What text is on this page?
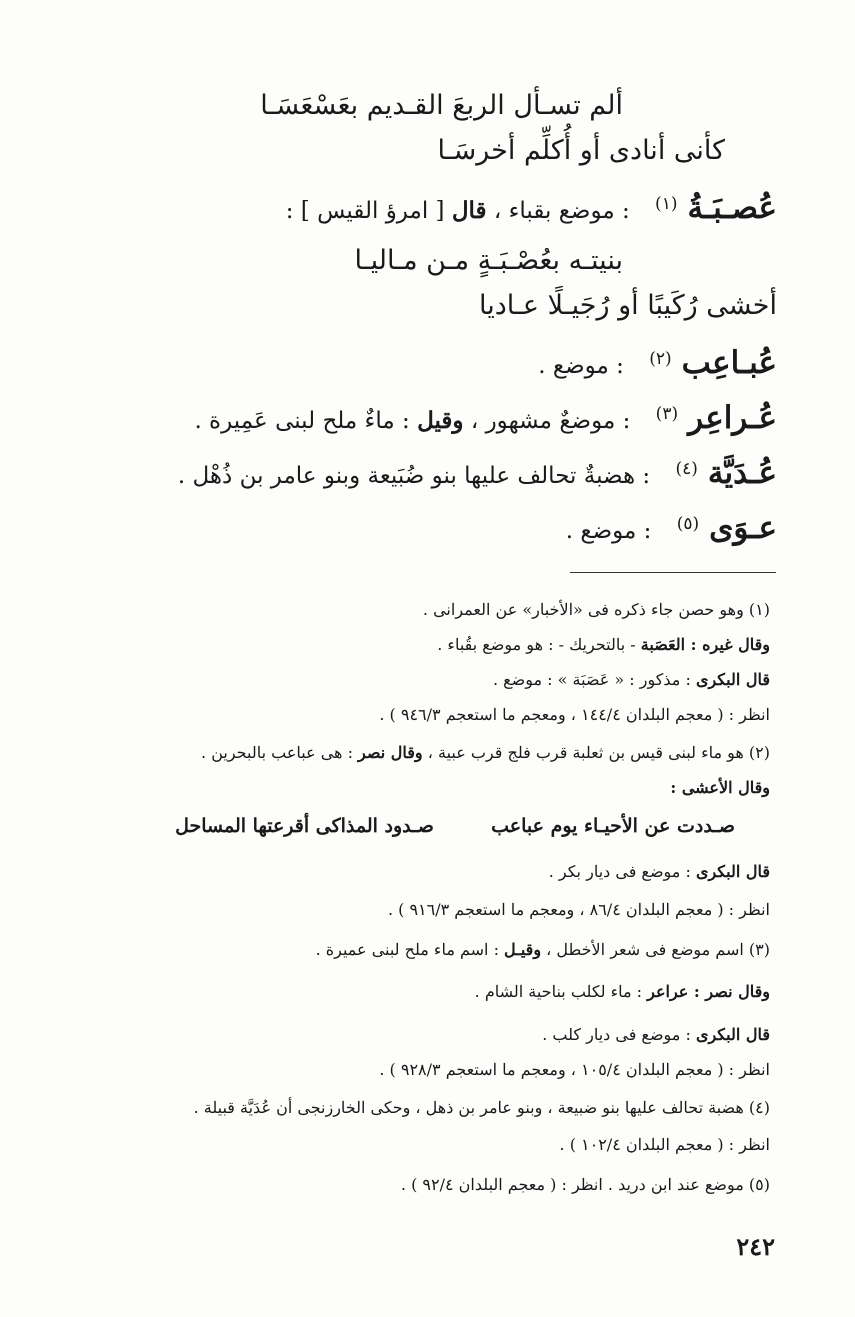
ألم تسـأل الربعَ القـديم بعَسْعَسَـا
كأنى أنادى أو أُكلِّم أخرسَـا
عُصـبَـةُ$^{(١)}$ : موضع بقباء ، قال [ امرؤ القيس ] :
بنيتـه بعُصْـبَـةٍ مـن مـاليـا
أخشى رُكَيبًا أو رُجَيـلًا عـاديا
عُبـاعِب$^{(٢)}$ : موضع .
عُـراعِر$^{(٣)}$ : موضعٌ مشهور ، وقيل : ماءٌ ملح لبنى عَمِيرة .
عُـدَيَّة$^{(٤)}$ : هضبةٌ تحالف عليها بنو ضُبَيعة وبنو عامر بن ذُهْل .
عـوَى$^{(٥)}$ : موضع .
(١) وهو حصن جاء ذكره فى «الأخبار» عن العمرانى .
وقال غيره : العَصَبة - بالتحريك - : هو موضع بقُباء .
قال البكرى : مذكور : « عَصَبَة » : موضع .
انظر : ( معجم البلدان ١٤٤/٤ ، ومعجم ما استعجم ٩٤٦/٣ ) .
(٢) هو ماء لبنى قيس بن ثعلبة قرب فلج قرب عبية ، وقال نصر : هى عباعب بالبحرين .
وقال الأعشى :
صـددت عن الأحيـاء يوم عباعب  صـدود المذاكى أقرعتها المساحل
قال البكرى : موضع فى ديار بكر .
انظر : ( معجم البلدان ٨٦/٤ ، ومعجم ما استعجم ٩١٦/٣ ) .
(٣) اسم موضع فى شعر الأخطل ، وقيـل : اسم ماء ملح لبنى عميرة .
وقال نصر : عراعر : ماء لكلب بناحية الشام .
قال البكرى : موضع فى ديار كلب .
انظر : ( معجم البلدان ١٠٥/٤ ، ومعجم ما استعجم ٩٢٨/٣ ) .
(٤) هضبة تحالف عليها بنو ضبيعة ، وبنو عامر بن ذهل ، وحكى الخارزنجى أن عُدَيَّة قبيلة .
انظر : ( معجم البلدان ١٠٢/٤ ) .
(٥) موضع عند ابن دريد . انظر : ( معجم البلدان ٩٢/٤ ) .
٢٤٢
